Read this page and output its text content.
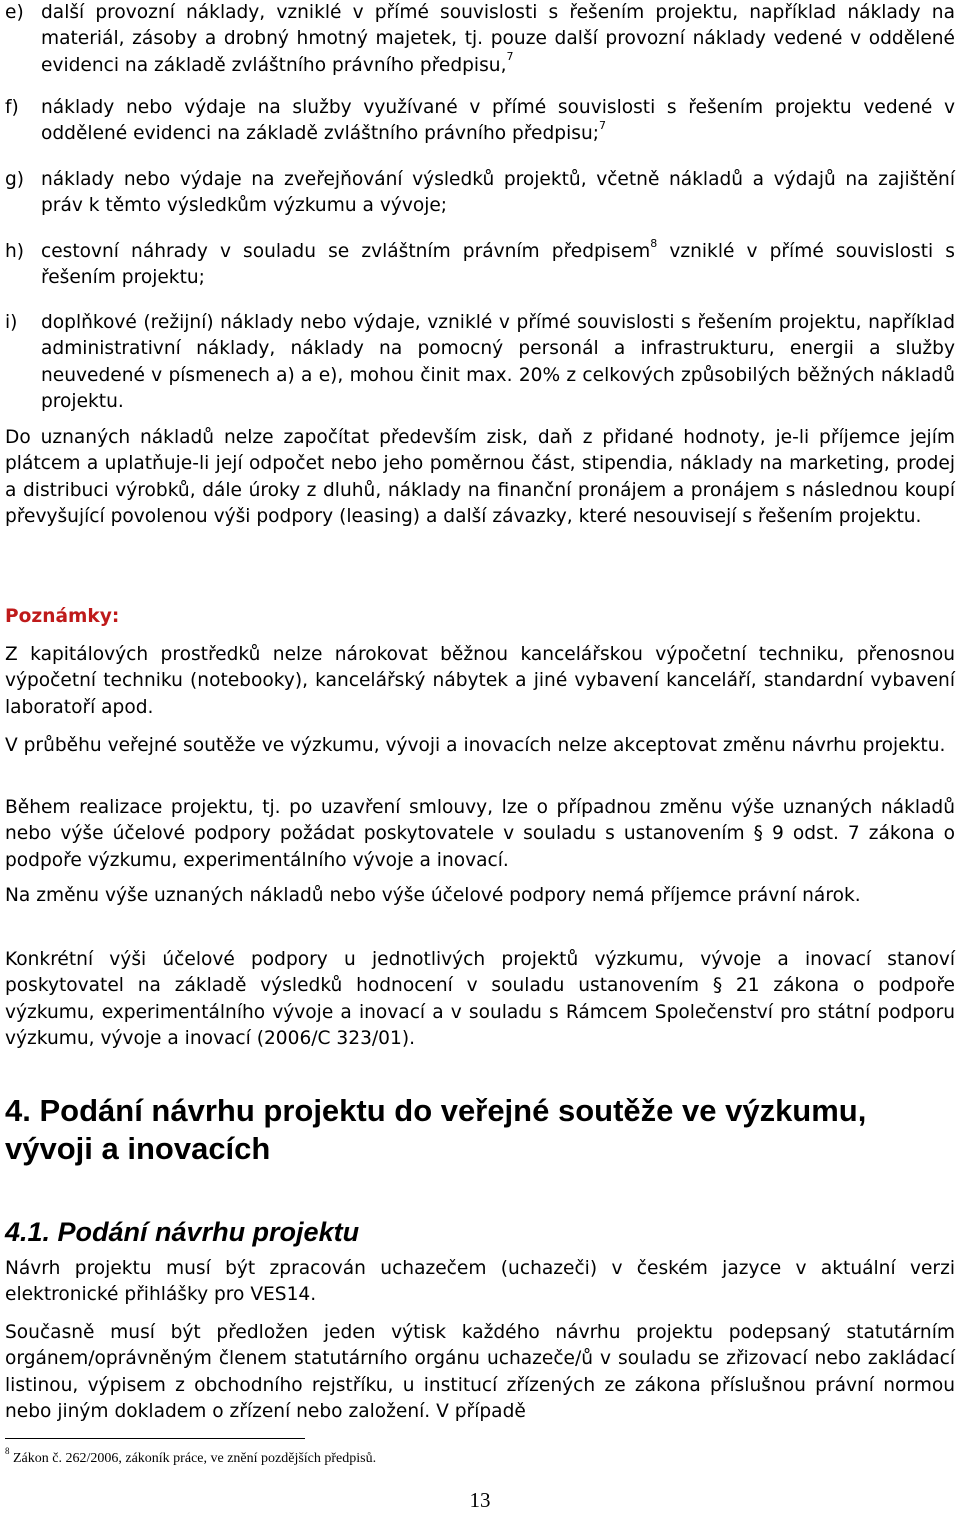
e) další provozní náklady, vzniklé v přímé souvislosti s řešením projektu, například náklady na materiál, zásoby a drobný hmotný majetek, tj. pouze další provozní náklady vedené v oddělené evidenci na základě zvláštního právního předpisu,$^7$
f)	náklady nebo výdaje na služby využívané v přímé souvislosti s řešením projektu vedené v oddělené evidenci na základě zvláštního právního předpisu;$^7$
g) náklady nebo výdaje na zveřejňování výsledků projektů, včetně nákladů a výdajů na zajištění práv k těmto výsledkům výzkumu a vývoje;
h) cestovní náhrady v souladu se zvláštním právním předpisem$^8$ vzniklé v přímé souvislosti s řešením projektu;
i)	doplňkové (režijní) náklady nebo výdaje, vzniklé v přímé souvislosti s řešením projektu, například administrativní náklady, náklady na pomocný personál a infrastrukturu, energii a služby neuvedené v písmenech a) a e), mohou činit max. 20% z celkových způsobilých běžných nákladů projektu.

Do uznaných nákladů nelze započítat především zisk, daň z přidané hodnoty, je-li příjemce jejím plátcem a uplatňuje-li její odpočet nebo jeho poměrnou část, stipendia, náklady na marketing, prodej a distribuci výrobků, dále úroky z dluhů, náklady na finanční pronájem a pronájem s následnou koupí převyšující povolenou výši podpory (leasing) a další závazky, které nesouvisejí s řešením projektu.

Poznámky:

Z kapitálových prostředků nelze nárokovat běžnou kancelářskou výpočetní techniku, přenosnou výpočetní techniku (notebooky), kancelářský nábytek a jiné vybavení kanceláří, standardní vybavení laboratoří apod.

V průběhu veřejné soutěže ve výzkumu, vývoji a inovacích nelze akceptovat změnu návrhu projektu.

Během realizace projektu, tj. po uzavření smlouvy, lze o případnou změnu výše uznaných nákladů nebo výše účelové podpory požádat poskytovatele v souladu s ustanovením § 9 odst. 7 zákona o podpoře výzkumu, experimentálního vývoje a inovací.

Na změnu výše uznaných nákladů nebo výše účelové podpory nemá příjemce právní nárok.

Konkrétní výši účelové podpory u jednotlivých projektů výzkumu, vývoje a inovací stanoví poskytovatel na základě výsledků hodnocení v souladu ustanovením § 21 zákona o podpoře výzkumu, experimentálního vývoje a inovací a v souladu s Rámcem Společenství pro státní podporu výzkumu, vývoje a inovací (2006/C 323/01).

4. Podání návrhu projektu do veřejné soutěže ve výzkumu, vývoji a inovacích
4.1. Podání návrhu projektu

Návrh projektu musí být zpracován uchazečem (uchazeči) v českém jazyce v aktuální verzi elektronické přihlášky pro VES14.

Současně musí být předložen jeden výtisk každého návrhu projektu podepsaný statutárním orgánem/oprávněným členem statutárního orgánu uchazeče/ů v souladu se zřizovací nebo zakládací listinou, výpisem z obchodního rejstříku, u institucí zřízených ze zákona příslušnou právní normou nebo jiným dokladem o zřízení nebo založení. V případě

$^8$ Zákon č. 262/2006, zákoník práce, ve znění pozdějších předpisů.
13
